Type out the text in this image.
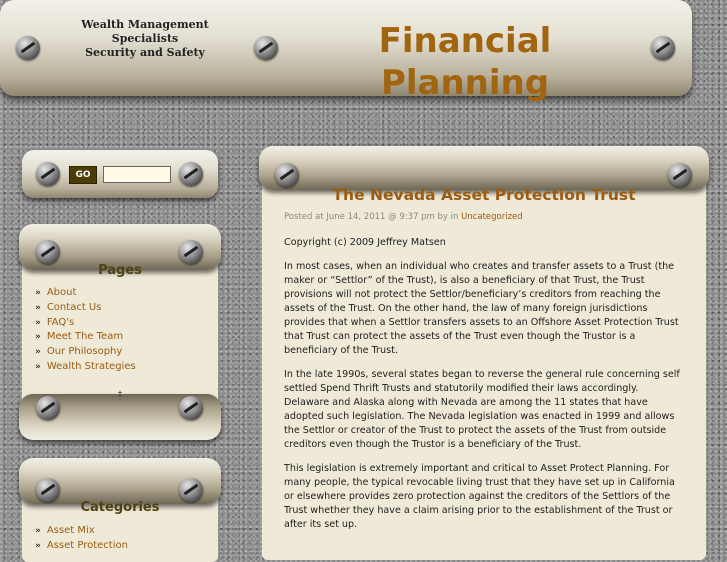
Wealth Management Specialists
Security and Safety	Financial Planning
GO
Pages
» About
» Contact Us
» FAQ's
» Meet The Team
» Our Philosophy
» Wealth Strategies
‡
Categories
» Asset Mix
» Asset Protection
The Nevada Asset Protection Trust
Posted at June 14, 2011 @ 9:37 pm by in Uncategorized

Copyright (c) 2009 Jeffrey Matsen

In most cases, when an individual who creates and transfer assets to a Trust (the maker or “Settlor” of the Trust), is also a beneficiary of that Trust, the Trust provisions will not protect the Settlor/beneficiary’s creditors from reaching the assets of the Trust. On the other hand, the law of many foreign jurisdictions provides that when a Settlor transfers assets to an Offshore Asset Protection Trust that Trust can protect the assets of the Trust even though the Trustor is a beneficiary of the Trust.

In the late 1990s, several states began to reverse the general rule concerning self settled Spend Thrift Trusts and statutorily modified their laws accordingly. Delaware and Alaska along with Nevada are among the 11 states that have adopted such legislation. The Nevada legislation was enacted in 1999 and allows the Settlor or creator of the Trust to protect the assets of the Trust from outside creditors even though the Trustor is a beneficiary of the Trust.

This legislation is extremely important and critical to Asset Protect Planning. For many people, the typical revocable living trust that they have set up in California or elsewhere provides zero protection against the creditors of the Settlors of the Trust whether they have a claim arising prior to the establishment of the Trust or after its set up.
